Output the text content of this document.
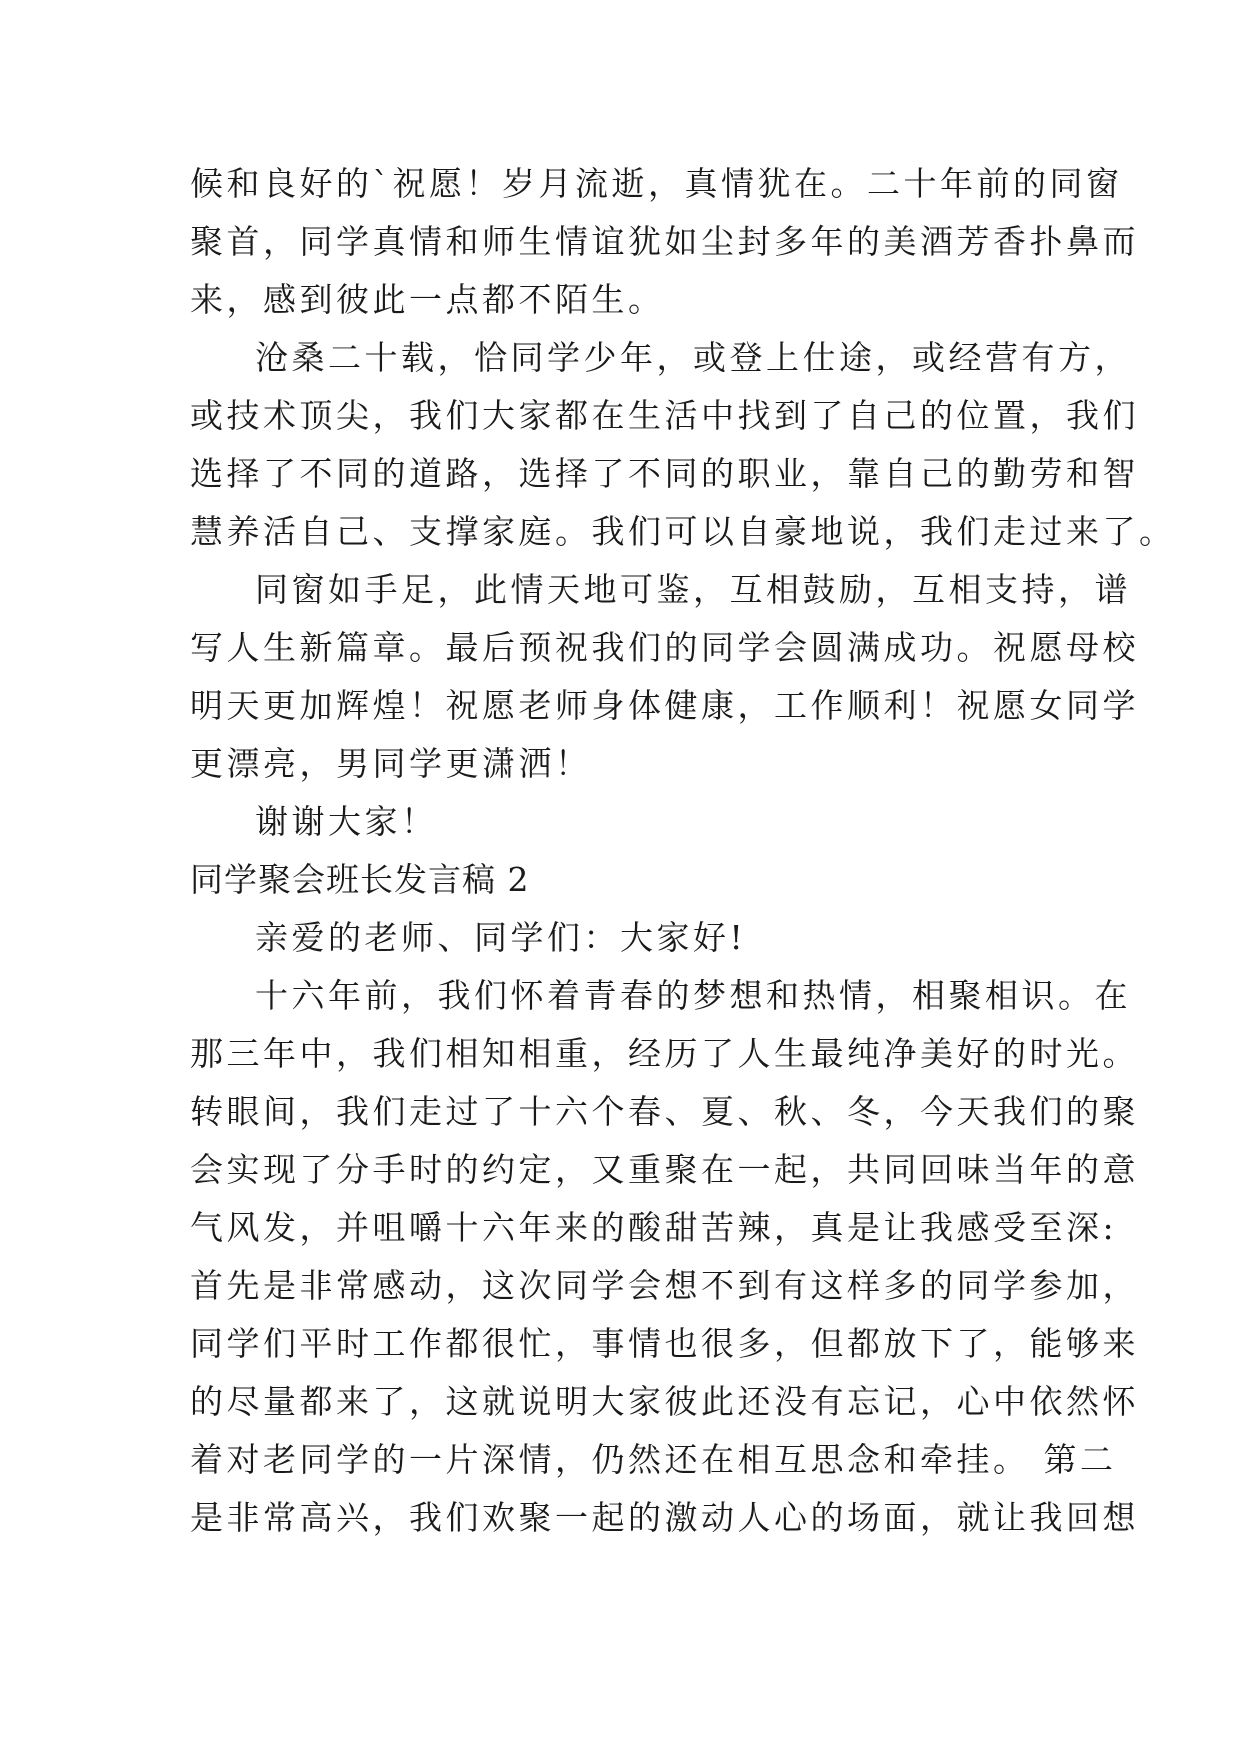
候和良好的`祝愿！岁月流逝，真情犹在。二十年前的同窗
聚首，同学真情和师生情谊犹如尘封多年的美酒芳香扑鼻而
来，感到彼此一点都不陌生。
沧桑二十载，恰同学少年，或登上仕途，或经营有方，
或技术顶尖，我们大家都在生活中找到了自己的位置，我们
选择了不同的道路，选择了不同的职业，靠自己的勤劳和智
慧养活自己、支撑家庭。我们可以自豪地说，我们走过来了。
同窗如手足，此情天地可鉴，互相鼓励，互相支持，谱
写人生新篇章。最后预祝我们的同学会圆满成功。祝愿母校
明天更加辉煌！祝愿老师身体健康，工作顺利！祝愿女同学
更漂亮，男同学更潇洒！
谢谢大家！
同学聚会班长发言稿 2
亲爱的老师、同学们：大家好!
十六年前，我们怀着青春的梦想和热情，相聚相识。在
那三年中，我们相知相重，经历了人生最纯净美好的时光。
转眼间，我们走过了十六个春、夏、秋、冬，今天我们的聚
会实现了分手时的约定，又重聚在一起，共同回味当年的意
气风发，并咀嚼十六年来的酸甜苦辣，真是让我感受至深:
首先是非常感动，这次同学会想不到有这样多的同学参加，
同学们平时工作都很忙，事情也很多，但都放下了，能够来
的尽量都来了，这就说明大家彼此还没有忘记，心中依然怀
着对老同学的一片深情，仍然还在相互思念和牵挂。 第二
是非常高兴，我们欢聚一起的激动人心的场面，就让我回想
